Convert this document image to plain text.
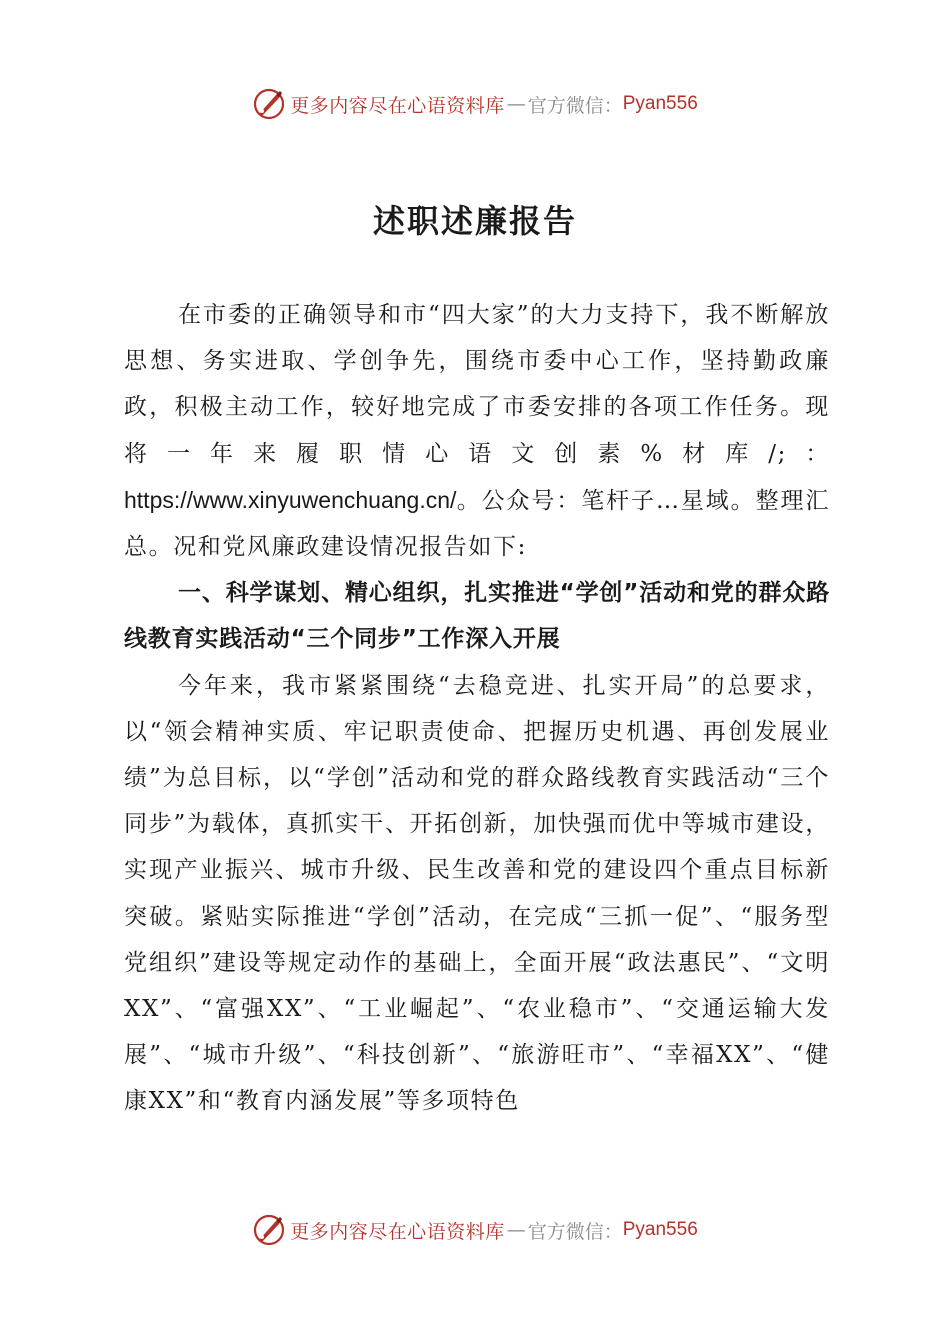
更多内容尽在心语资料库 — 官方微信： Pyan556
述职述廉报告

在市委的正确领导和市“四大家”的大力支持下，我不断解放思想、务实进取、学创争先，围绕市委中心工作，坚持勤政廉政，积极主动工作，较好地完成了市委安排的各项工作任务。现将一年来履职情心语文创素%材库/;：https://www.xinyuwenchuang.cn/。公众号：笔杆子…星域。整理汇总。况和党风廉政建设情况报告如下:

一、科学谋划、精心组织，扎实推进“学创”活动和党的群众路线教育实践活动“三个同步”工作深入开展

今年来，我市紧紧围绕“去稳竞进、扎实开局”的总要求，以“领会精神实质、牢记职责使命、把握历史机遇、再创发展业绩”为总目标，以“学创”活动和党的群众路线教育实践活动“三个同步”为载体，真抓实干、开拓创新，加快强而优中等城市建设，实现产业振兴、城市升级、民生改善和党的建设四个重点目标新突破。紧贴实际推进“学创”活动，在完成“三抓一促”、“服务型党组织”建设等规定动作的基础上，全面开展“政法惠民”、“文明XX”、“富强XX”、“工业崛起”、“农业稳市”、“交通运输大发展”、“城市升级”、“科技创新”、“旅游旺市”、“幸福XX”、“健康XX”和“教育内涵发展”等多项特色

更多内容尽在心语资料库 — 官方微信： Pyan556
